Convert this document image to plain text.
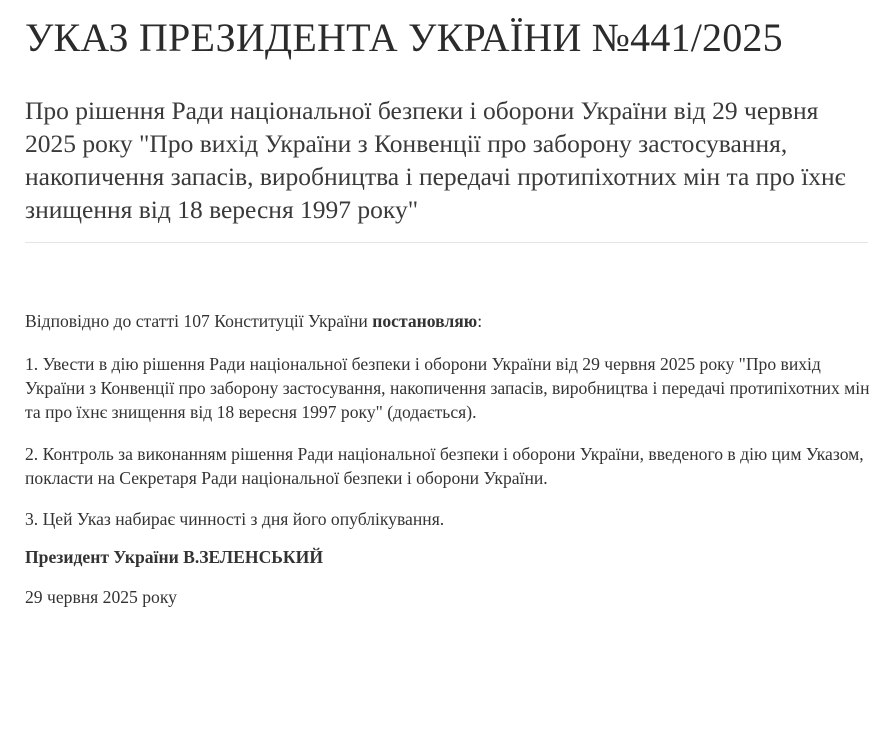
УКАЗ ПРЕЗИДЕНТА УКРАЇНИ №441/2025
Про рішення Ради національної безпеки і оборони України від 29 червня 2025 року "Про вихід України з Конвенції про заборону застосування, накопичення запасів, виробництва і передачі протипіхотних мін та про їхнє знищення від 18 вересня 1997 року"

Відповідно до статті 107 Конституції України постановляю:

1. Увести в дію рішення Ради національної безпеки і оборони України від 29 червня 2025 року "Про вихід України з Конвенції про заборону застосування, накопичення запасів, виробництва і передачі протипіхотних мін та про їхнє знищення від 18 вересня 1997 року" (додається).

2. Контроль за виконанням рішення Ради національної безпеки і оборони України, введеного в дію цим Указом, покласти на Секретаря Ради національної безпеки і оборони України.

3. Цей Указ набирає чинності з дня його опублікування.

Президент України В.ЗЕЛЕНСЬКИЙ

29 червня 2025 року
